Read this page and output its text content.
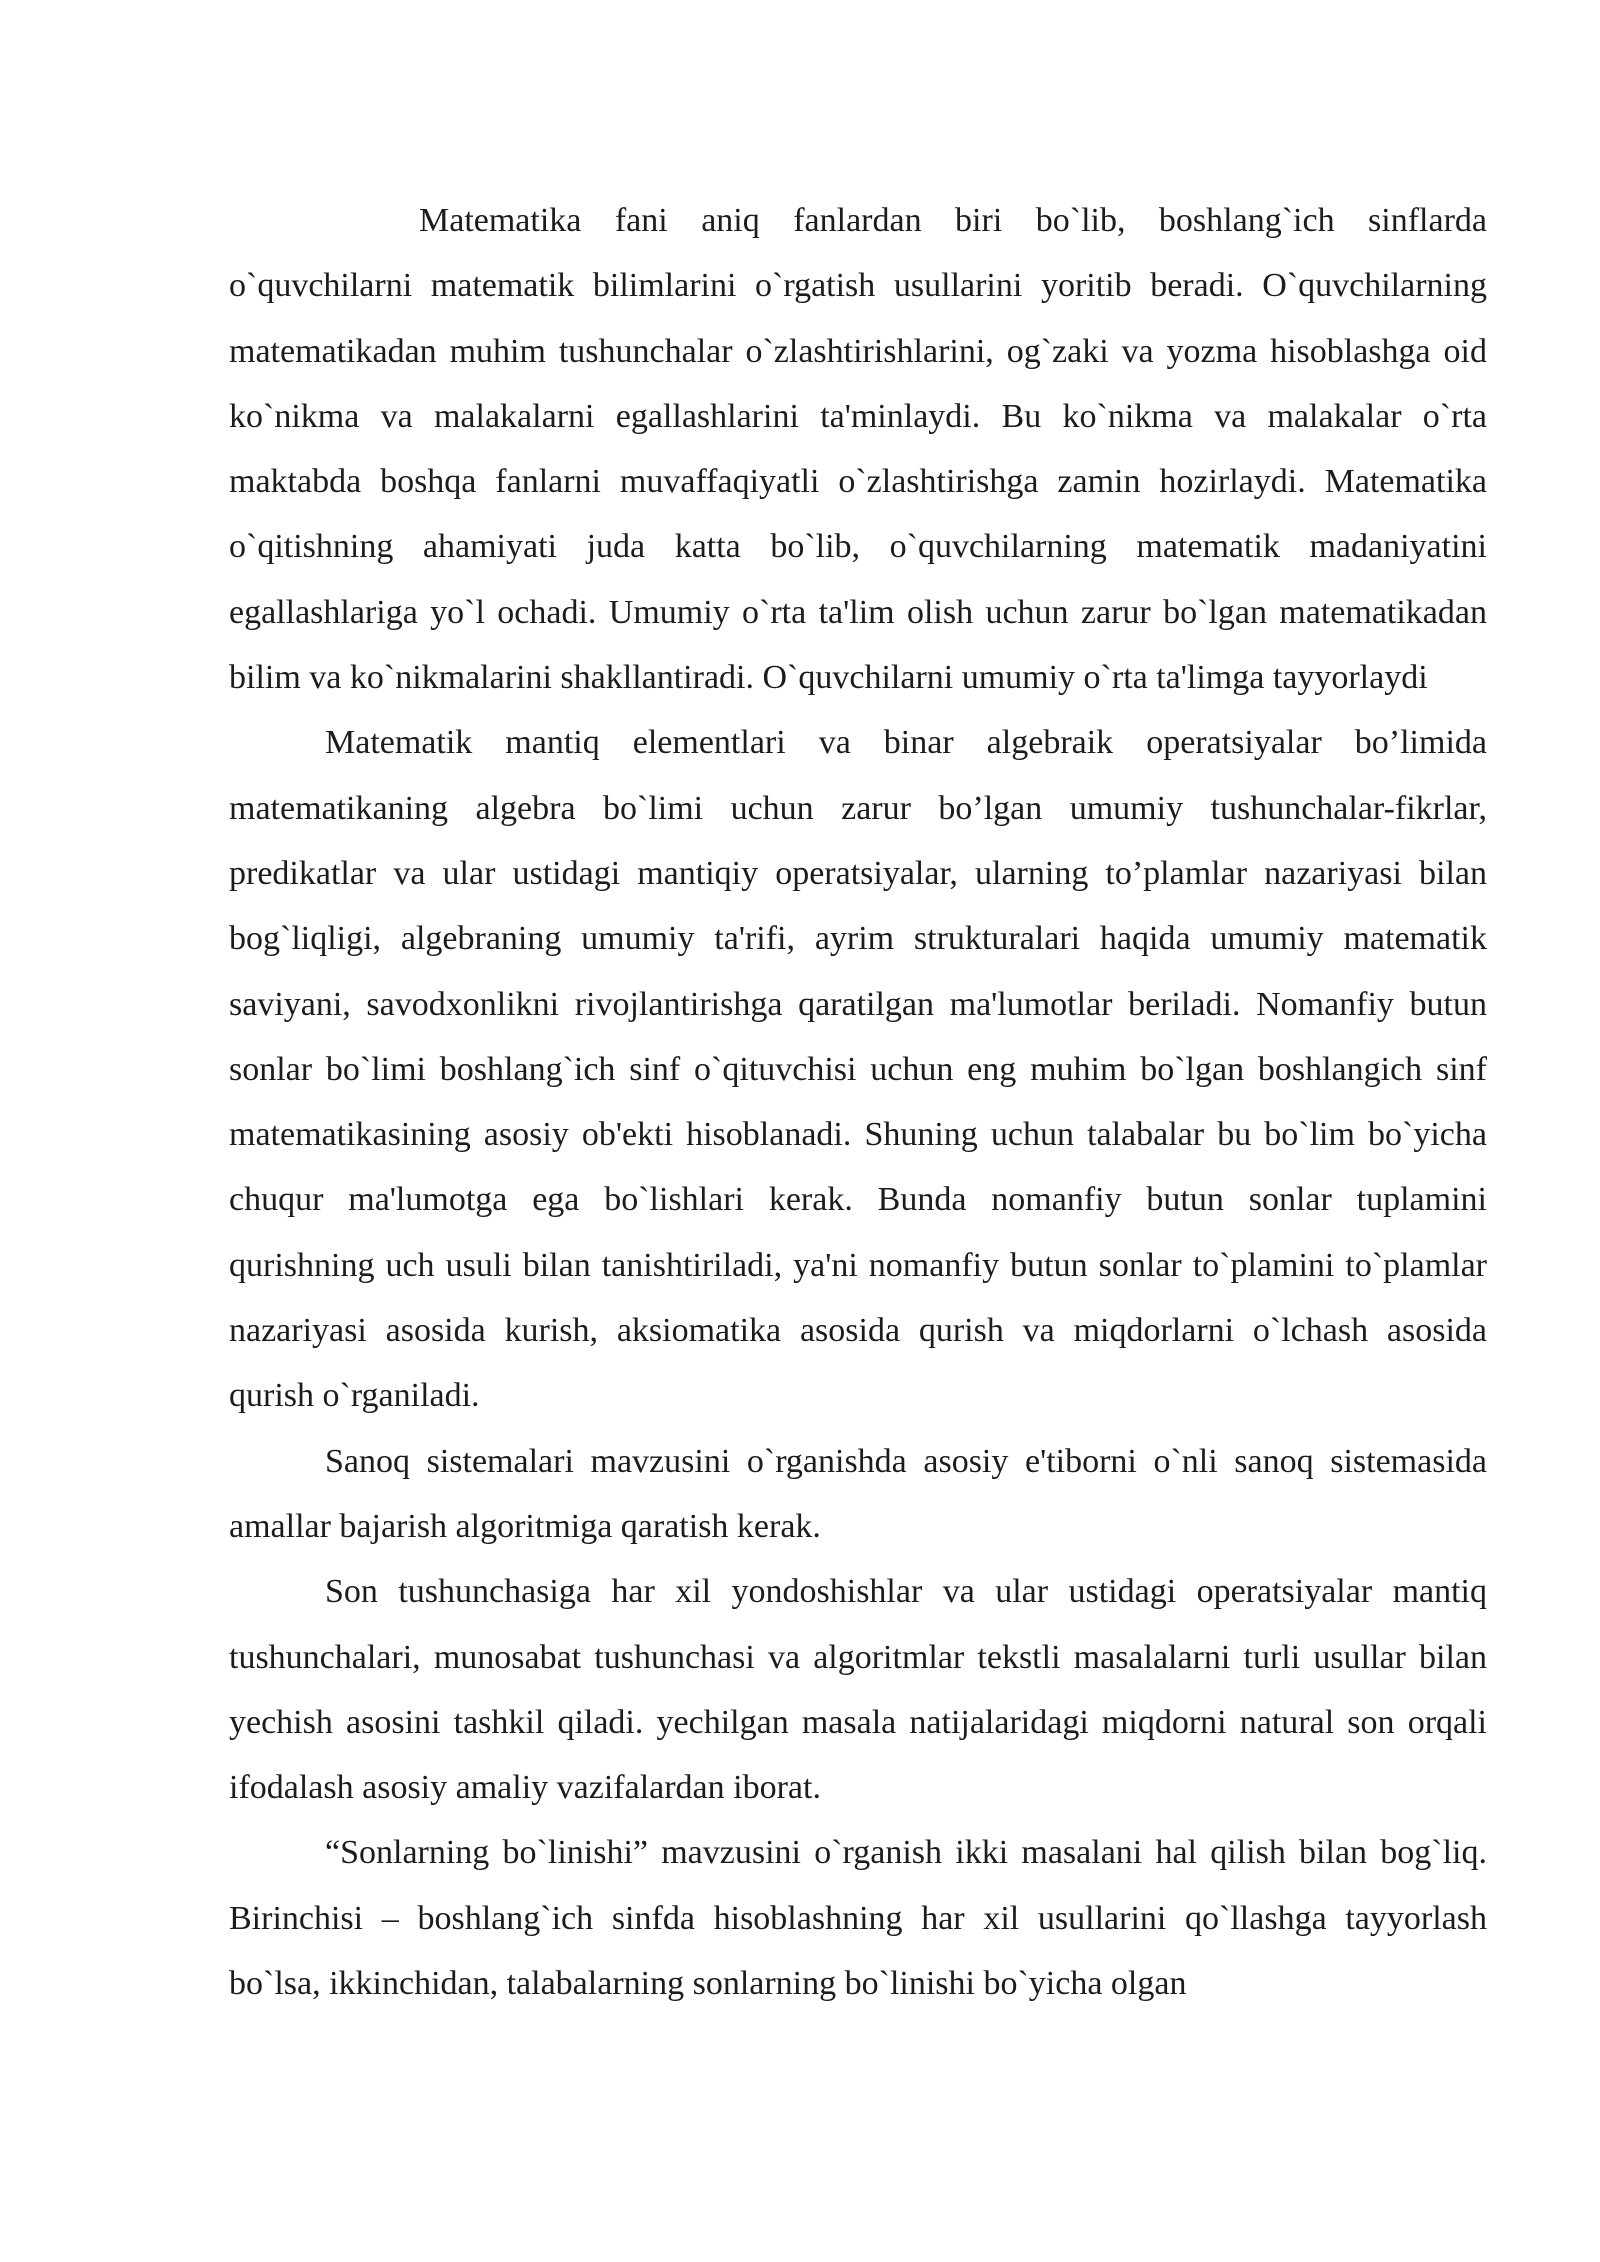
Matematika fani aniq fanlardan biri bo`lib, boshlang`ich sinflarda o`quvchilarni matematik bilimlarini o`rgatish usullarini yoritib beradi. O`quvchilarning matematikadan muhim tushunchalar o`zlashtirishlarini, og`zaki va yozma hisoblashga oid ko`nikma va malakalarni egallashlarini ta'minlaydi. Bu ko`nikma va malakalar o`rta maktabda boshqa fanlarni muvaffaqiyatli o`zlashtirishga zamin hozirlaydi. Matematika o`qitishning ahamiyati juda katta bo`lib, o`quvchilarning matematik madaniyatini egallashlariga yo`l ochadi. Umumiy o`rta ta'lim olish uchun zarur bo`lgan matematikadan bilim va ko`nikmalarini shakllantiradi. O`quvchilarni umumiy o`rta ta'limga tayyorlaydi

Matematik mantiq elementlari va binar algebraik operatsiyalar bo’limida matematikaning algebra bo`limi uchun zarur bo’lgan umumiy tushunchalar-fikrlar, predikatlar va ular ustidagi mantiqiy operatsiyalar, ularning to’plamlar nazariyasi bilan bog`liqligi, algebraning umumiy ta'rifi, ayrim strukturalari haqida umumiy matematik saviyani, savodxonlikni rivojlantirishga qaratilgan ma'lumotlar beriladi. Nomanfiy butun sonlar bo`limi boshlang`ich sinf o`qituvchisi uchun eng muhim bo`lgan boshlangich sinf matematikasining asosiy ob'ekti hisoblanadi. Shuning uchun talabalar bu bo`lim bo`yicha chuqur ma'lumotga ega bo`lishlari kerak. Bunda nomanfiy butun sonlar tuplamini qurishning uch usuli bilan tanishtiriladi, ya'ni nomanfiy butun sonlar to`plamini to`plamlar nazariyasi asosida kurish, aksiomatika asosida qurish va miqdorlarni o`lchash asosida qurish o`rganiladi.

Sanoq sistemalari mavzusini o`rganishda asosiy e'tiborni o`nli sanoq sistemasida amallar bajarish algoritmiga qaratish kerak.

Son tushunchasiga har xil yondoshishlar va ular ustidagi operatsiyalar mantiq tushunchalari, munosabat tushunchasi va algoritmlar tekstli masalalarni turli usullar bilan yechish asosini tashkil qiladi. yechilgan masala natijalaridagi miqdorni natural son orqali ifodalash asosiy amaliy vazifalardan iborat.

“Sonlarning bo`linishi” mavzusini o`rganish ikki masalani hal qilish bilan bog`liq. Birinchisi – boshlang`ich sinfda hisoblashning har xil usullarini qo`llashga tayyorlash bo`lsa, ikkinchidan, talabalarning sonlarning bo`linishi bo`yicha olgan
